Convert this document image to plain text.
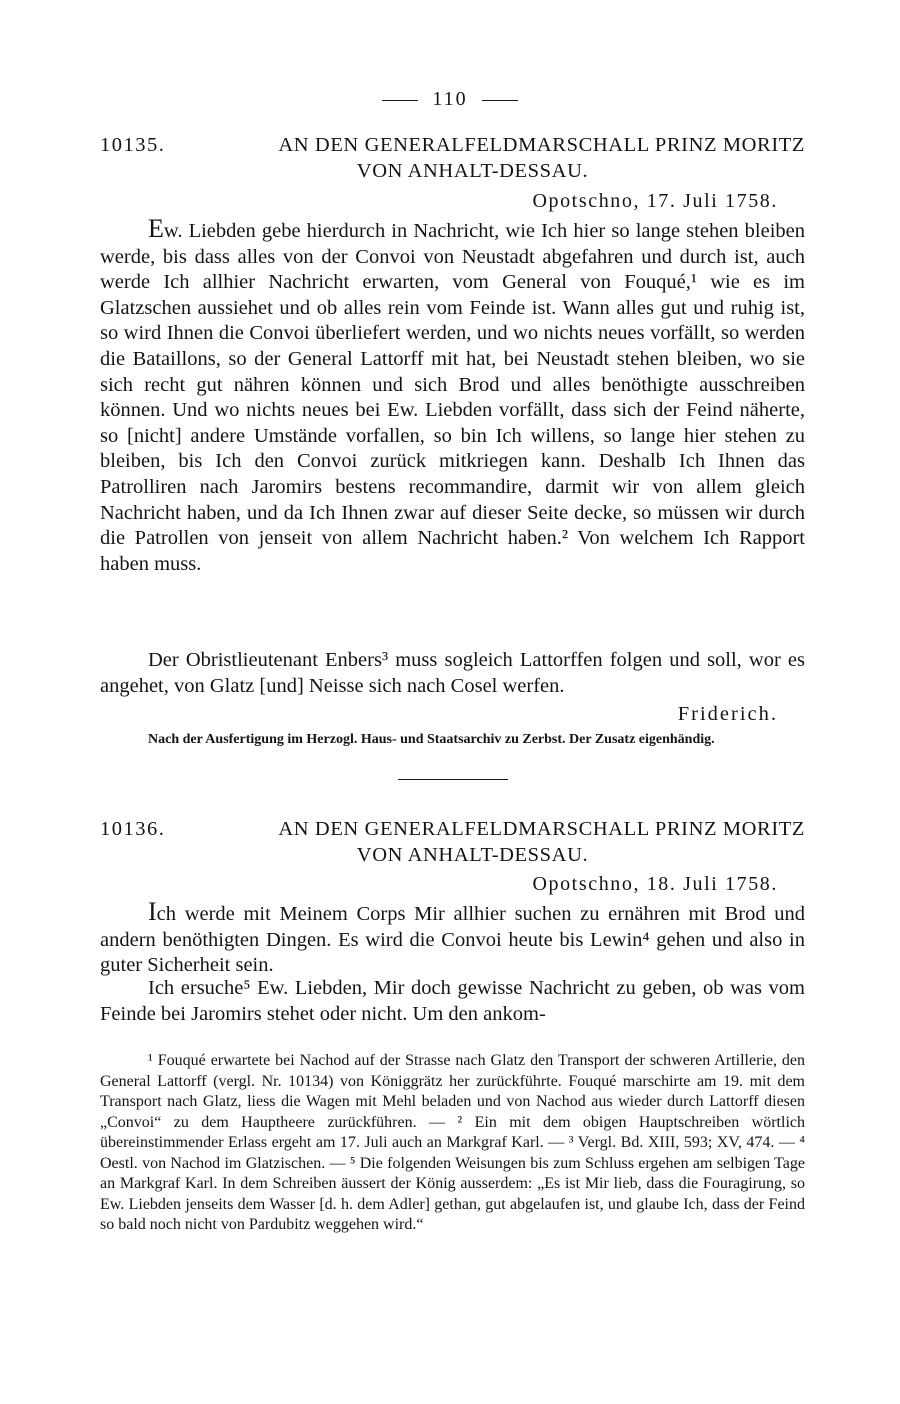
110
10135.	AN DEN GENERALFELDMARSCHALL PRINZ MORITZ
VON ANHALT-DESSAU.
Opotschno, 17. Juli 1758.

Ew. Liebden gebe hierdurch in Nachricht, wie Ich hier so lange stehen bleiben werde, bis dass alles von der Convoi von Neustadt abgefahren und durch ist, auch werde Ich allhier Nachricht erwarten, vom General von Fouqué,¹ wie es im Glatzschen aussiehet und ob alles rein vom Feinde ist. Wann alles gut und ruhig ist, so wird Ihnen die Convoi überliefert werden, und wo nichts neues vorfällt, so werden die Bataillons, so der General Lattorff mit hat, bei Neustadt stehen bleiben, wo sie sich recht gut nähren können und sich Brod und alles benöthigte ausschreiben können. Und wo nichts neues bei Ew. Liebden vorfällt, dass sich der Feind näherte, so [nicht] andere Umstände vorfallen, so bin Ich willens, so lange hier stehen zu bleiben, bis Ich den Convoi zurück mitkriegen kann. Deshalb Ich Ihnen das Patrolliren nach Jaromirs bestens recommandire, darmit wir von allem gleich Nachricht haben, und da Ich Ihnen zwar auf dieser Seite decke, so müssen wir durch die Patrollen von jenseit von allem Nachricht haben.² Von welchem Ich Rapport haben muss.

Der Obristlieutenant Enbers³ muss sogleich Lattorffen folgen und soll, wor es angehet, von Glatz [und] Neisse sich nach Cosel werfen.

Friderich.

Nach der Ausfertigung im Herzogl. Haus- und Staatsarchiv zu Zerbst. Der Zusatz eigenhändig.

10136.	AN DEN GENERALFELDMARSCHALL PRINZ MORITZ
VON ANHALT-DESSAU.
Opotschno, 18. Juli 1758.

Ich werde mit Meinem Corps Mir allhier suchen zu ernähren mit Brod und andern benöthigten Dingen. Es wird die Convoi heute bis Lewin⁴ gehen und also in guter Sicherheit sein.

Ich ersuche⁵ Ew. Liebden, Mir doch gewisse Nachricht zu geben, ob was vom Feinde bei Jaromirs stehet oder nicht. Um den ankom-

¹ Fouqué erwartete bei Nachod auf der Strasse nach Glatz den Transport der schweren Artillerie, den General Lattorff (vergl. Nr. 10134) von Königgrätz her zurückführte. Fouqué marschirte am 19. mit dem Transport nach Glatz, liess die Wagen mit Mehl beladen und von Nachod aus wieder durch Lattorff diesen „Convoi“ zu dem Hauptheere zurückführen. — ² Ein mit dem obigen Hauptschreiben wörtlich übereinstimmender Erlass ergeht am 17. Juli auch an Markgraf Karl. — ³ Vergl. Bd. XIII, 593; XV, 474. — ⁴ Oestl. von Nachod im Glatzischen. — ⁵ Die folgenden Weisungen bis zum Schluss ergehen am selbigen Tage an Markgraf Karl. In dem Schreiben äussert der König ausserdem: „Es ist Mir lieb, dass die Fouragirung, so Ew. Liebden jenseits dem Wasser [d. h. dem Adler] gethan, gut abgelaufen ist, und glaube Ich, dass der Feind so bald noch nicht von Pardubitz weggehen wird.“
